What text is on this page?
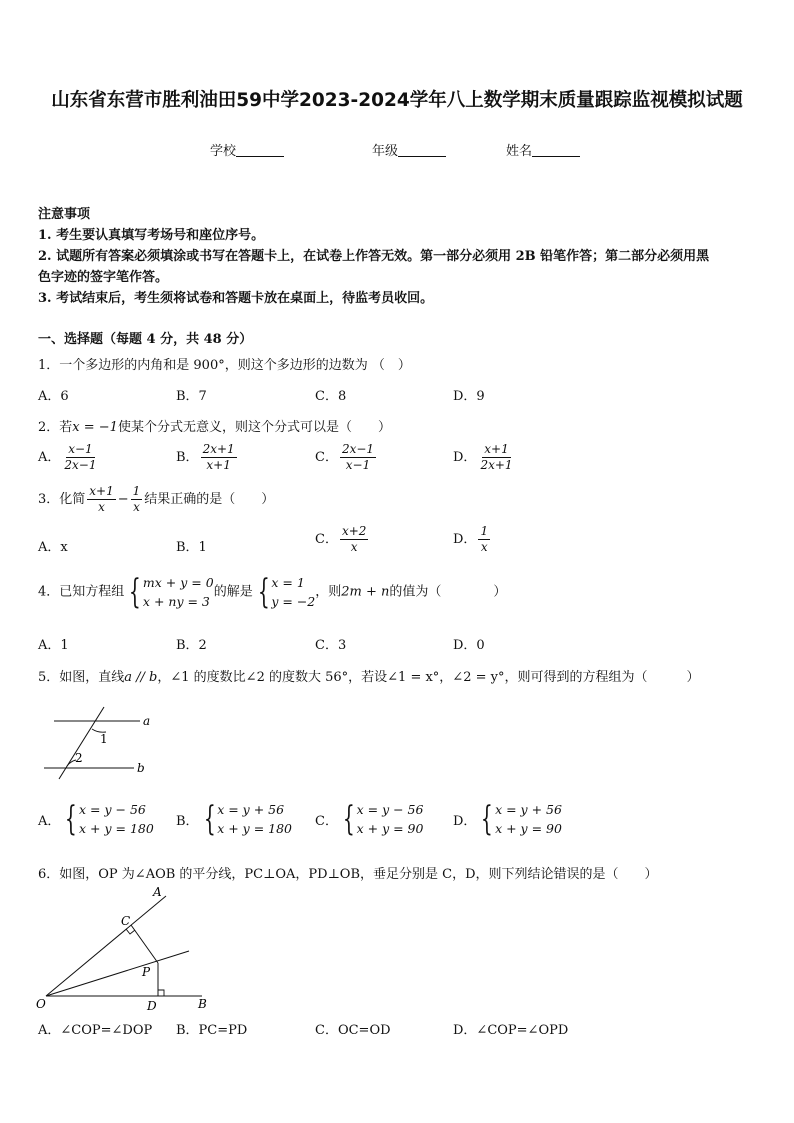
山东省东营市胜利油田59中学2023-2024学年八上数学期末质量跟踪监视模拟试题
学校	年级	姓名
注意事项
1. 考生要认真填写考场号和座位序号。
2. 试题所有答案必须填涂或书写在答题卡上，在试卷上作答无效。第一部分必须用 2B 铅笔作答；第二部分必须用黑
色字迹的签字笔作答。
3. 考试结束后，考生须将试卷和答题卡放在桌面上，待监考员收回。
一、选择题（每题 4 分，共 48 分）
1．一个多边形的内角和是 900°，则这个多边形的边数为 （　）
A．6	B．7	C．8	D．9
2．若x = −1使某个分式无意义，则这个分式可以是（　　）
A． $\frac{x-1}{2x-1}$	B． $\frac{2x+1}{x+1}$	C． $\frac{2x-1}{x-1}$	D． $\frac{x+1}{2x+1}$
3．化简 $\frac{x+1}{x} - \frac{1}{x}$ 结果正确的是（　　）
A．x	B．1
C． $\frac{x+2}{x}$	D． $\frac{1}{x}$
4．已知方程组 { mx + y = 0
x + ny = 3
的解是 { x = 1
y = −2
，则2m + n的值为（　　　　）
A．1	B．2	C．3	D．0
5．如图，直线a // b，∠1 的度数比∠2 的度数大 56°，若设∠1 = x°，∠2 = y°，则可得到的方程组为（　　　）
a
b
1
2
A． { x = y − 56
x + y = 180 B． { x = y + 56
x + y = 180 C． { x = y − 56
x + y = 90 D． { x = y + 56
x + y = 90
6．如图，OP 为∠AOB 的平分线，PC⊥OA，PD⊥OB，垂足分别是 C，D，则下列结论错误的是（　　）
A
B
C
D
O
P
A．∠COP=∠DOP B．PC=PD	C．OC=OD	D．∠COP=∠OPD
